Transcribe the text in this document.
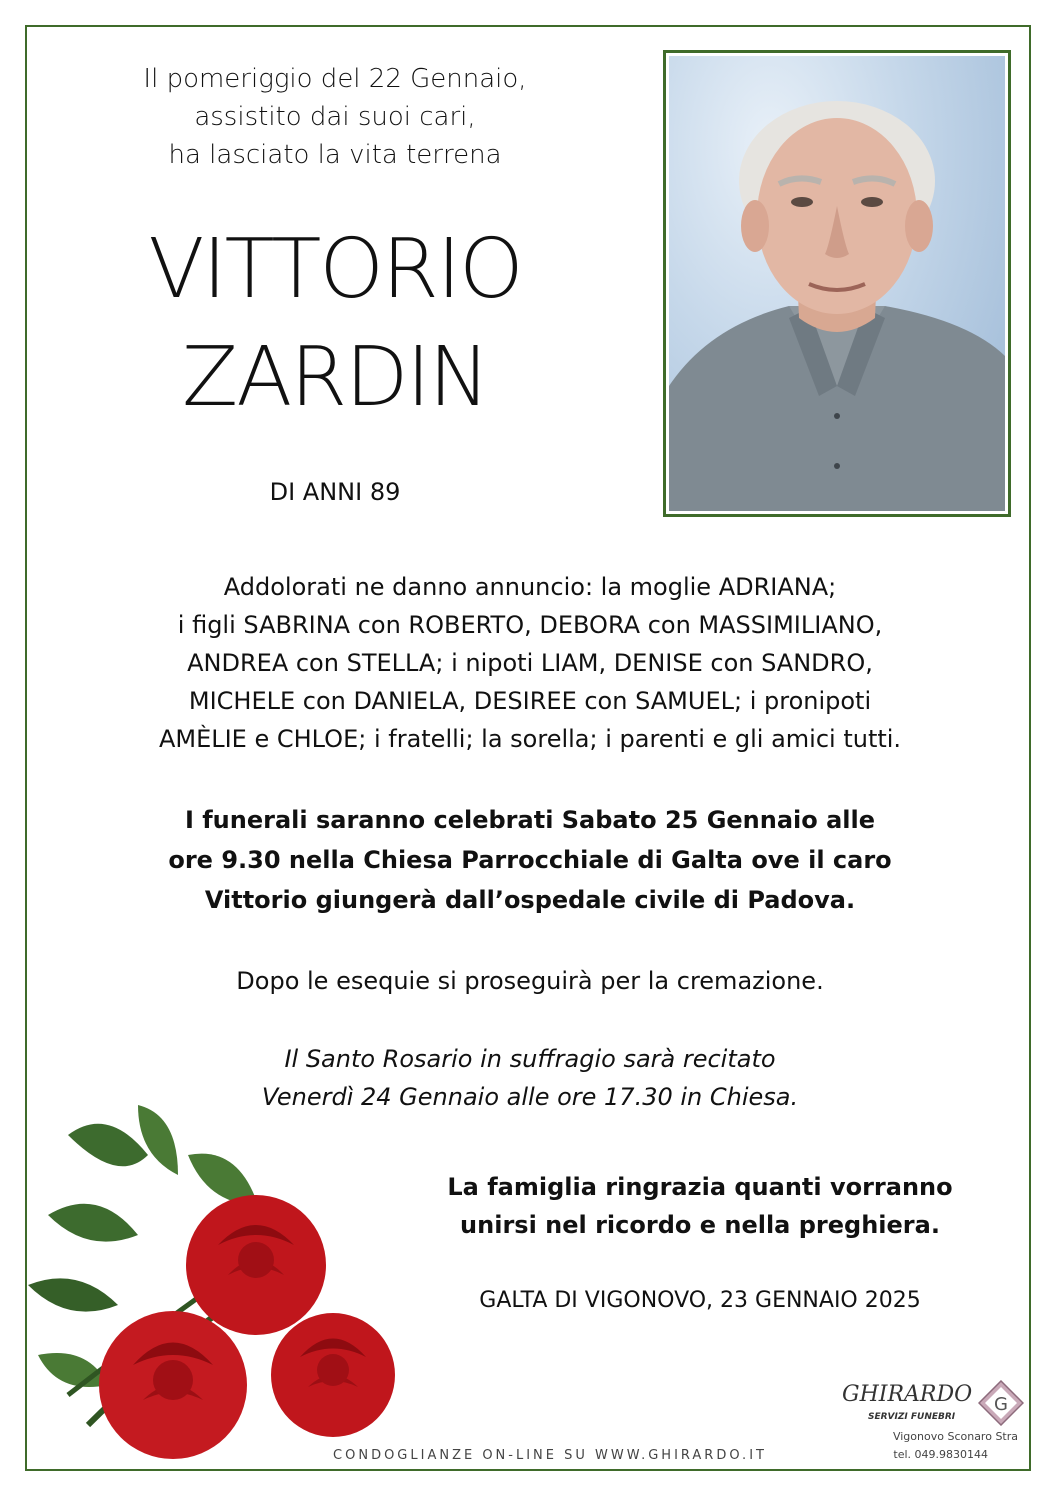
Il pomeriggio del 22 Gennaio,
assistito dai suoi cari,
ha lasciato la vita terrena
VITTORIO
ZARDIN
DI ANNI 89
Addolorati ne danno annuncio: la moglie ADRIANA;
i figli SABRINA con ROBERTO, DEBORA con MASSIMILIANO,
ANDREA con STELLA; i nipoti LIAM, DENISE con SANDRO,
MICHELE con DANIELA, DESIREE con SAMUEL; i pronipoti
AMÈLIE e CHLOE; i fratelli; la sorella; i parenti e gli amici tutti.
I funerali saranno celebrati Sabato 25 Gennaio alle
ore 9.30 nella Chiesa Parrocchiale di Galta ove il caro
Vittorio giungerà dall’ospedale civile di Padova.
Dopo le esequie si proseguirà per la cremazione.
Il Santo Rosario in suffragio sarà recitato
Venerdì 24 Gennaio alle ore 17.30 in Chiesa.
La famiglia ringrazia quanti vorranno
unirsi nel ricordo e nella preghiera.
GALTA DI VIGONOVO, 23 GENNAIO 2025
CONDOGLIANZE ON-LINE SU WWW.GHIRARDO.IT
GHIRARDO
SERVIZI FUNEBRI
G
Vigonovo Sconaro Stra
tel. 049.9830144
